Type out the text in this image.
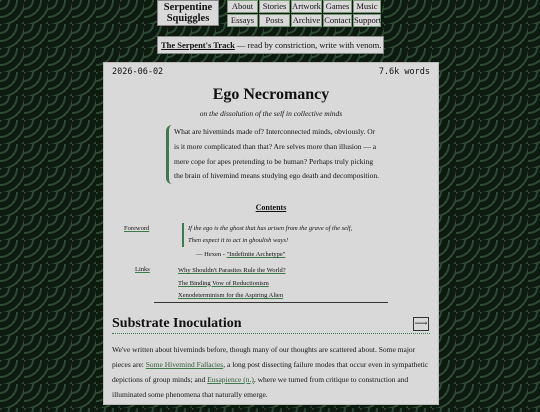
Serpentine
Squiggles
About	Stories Artwork Games Music
Essays	Posts	Archive Contact Support
The Serpent's Track — read by constriction, write with venom.
2026-06-02	7.6k words
Ego Necromancy
on the dissolution of the self in collective minds
What are hiveminds made of? Interconnected minds, obviously. Or is it more complicated than that? Are selves more than illusion — a mere cope for apes pretending to be human? Perhaps truly picking the brain of hivemind means studying ego death and decomposition.
Contents
Foreword	If the ego is the ghost that has arisen from the grave of the self,
Then expect it to act in ghoulish ways!
— Hexen - "Indefinite Archetype"
Links	Why Shouldn't Parasites Rule the World?
The Binding Vow of Reductionism
Xenodeterminism for the Aspiring Alien
Substrate Inoculation	⟶
We've written about hiveminds before, though many of our thoughts are scattered about. Some major pieces are: Some Hivemind Fallacies, a long post dissecting failure modes that occur even in sympathetic depictions of group minds; and Eusapience (n.), where we turned from critique to construction and illuminated some phenomena that naturally emerge.
The best movies wrote using touches in Iris brusque to ment examples to hearts of.
